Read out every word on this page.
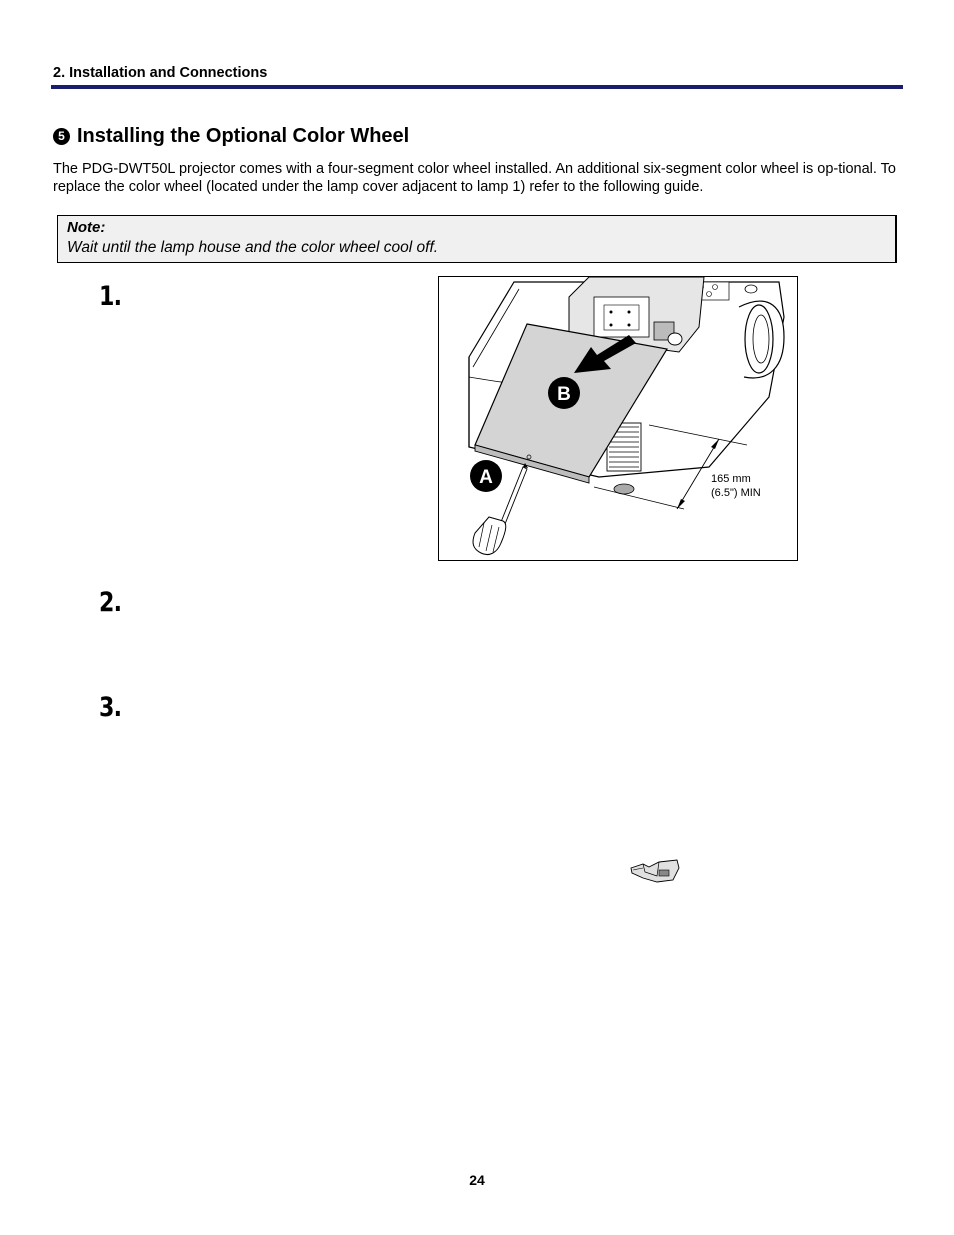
2. Installation and Connections
5 Installing the Optional Color Wheel
The PDG-DWT50L projector comes with a four-segment color wheel installed. An additional six-segment color wheel is op-tional. To replace the color wheel (located under the lamp cover adjacent to lamp 1) refer to the following guide.
Note:
Wait until the lamp house and the color wheel cool off.
1.
2.
3.
B
A	165 mm
(6.5") MIN
24
